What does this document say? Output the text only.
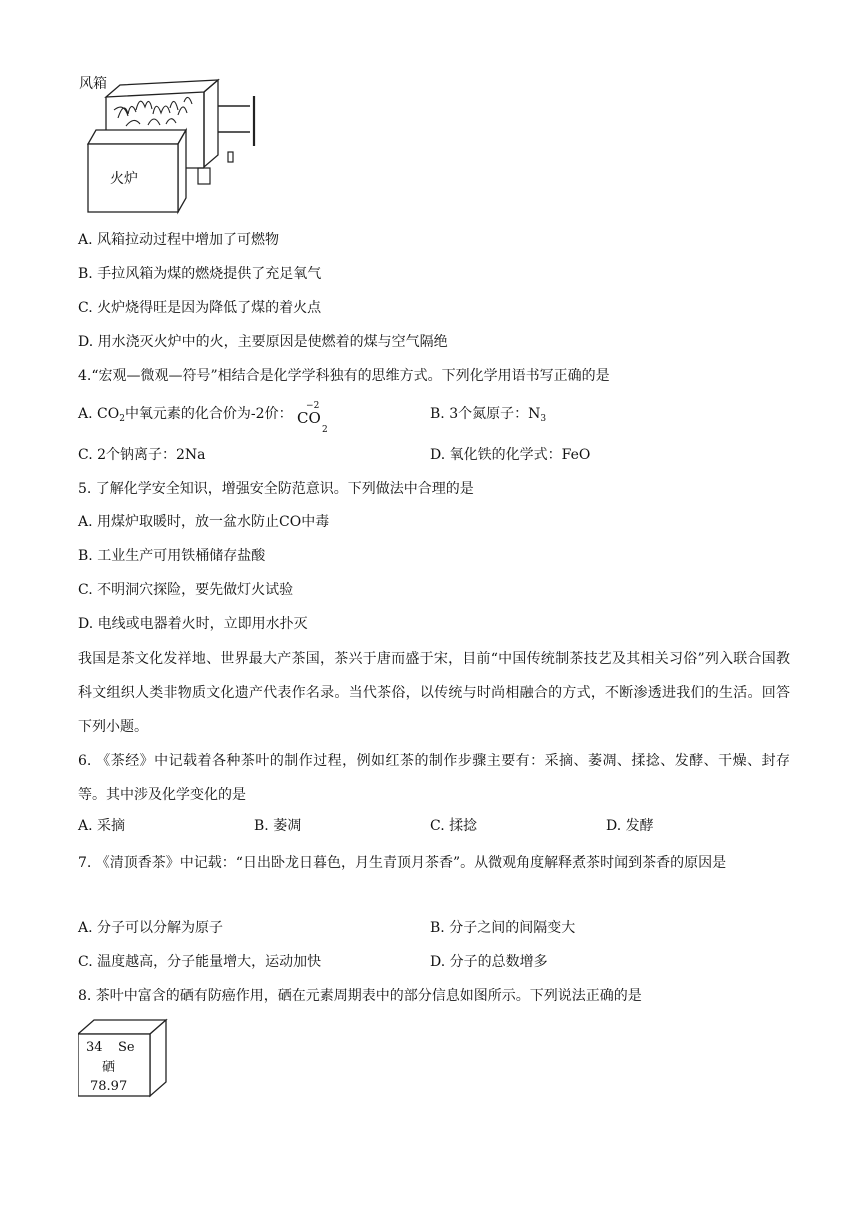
风箱
火炉
A. 风箱拉动过程中增加了可燃物
B. 手拉风箱为煤的燃烧提供了充足氧气
C. 火炉烧得旺是因为降低了煤的着火点
D. 用水浇灭火炉中的火，主要原因是使燃着的煤与空气隔绝
4.“宏观—微观—符号”相结合是化学学科独有的思维方式。下列化学用语书写正确的是
A. $CO_2$中氧元素的化合价为-2价： −2
CO
2
B. 3个氮原子：$N_3$
C. 2个钠离子：2Na	D. 氧化铁的化学式：FeO
5. 了解化学安全知识，增强安全防范意识。下列做法中合理的是
A. 用煤炉取暖时，放一盆水防止CO中毒
B. 工业生产可用铁桶储存盐酸
C. 不明洞穴探险，要先做灯火试验
D. 电线或电器着火时，立即用水扑灭
我国是茶文化发祥地、世界最大产茶国，茶兴于唐而盛于宋，目前“中国传统制茶技艺及其相关习俗”列入联合国教科文组织人类非物质文化遗产代表作名录。当代茶俗，以传统与时尚相融合的方式，不断渗透进我们的生活。回答下列小题。
6. 《茶经》中记载着各种茶叶的制作过程，例如红茶的制作步骤主要有：采摘、萎凋、揉捻、发酵、干燥、封存等。其中涉及化学变化的是
A. 采摘	B. 萎凋	C. 揉捻	D. 发酵
7. 《清顶香茶》中记载：“日出卧龙日暮色，月生青顶月茶香”。从微观角度解释煮茶时闻到茶香的原因是
A. 分子可以分解为原子	B. 分子之间的间隔变大
C. 温度越高，分子能量增大，运动加快	D. 分子的总数增多
8. 茶叶中富含的硒有防癌作用，硒在元素周期表中的部分信息如图所示。下列说法正确的是
34 Se
硒
78.97
